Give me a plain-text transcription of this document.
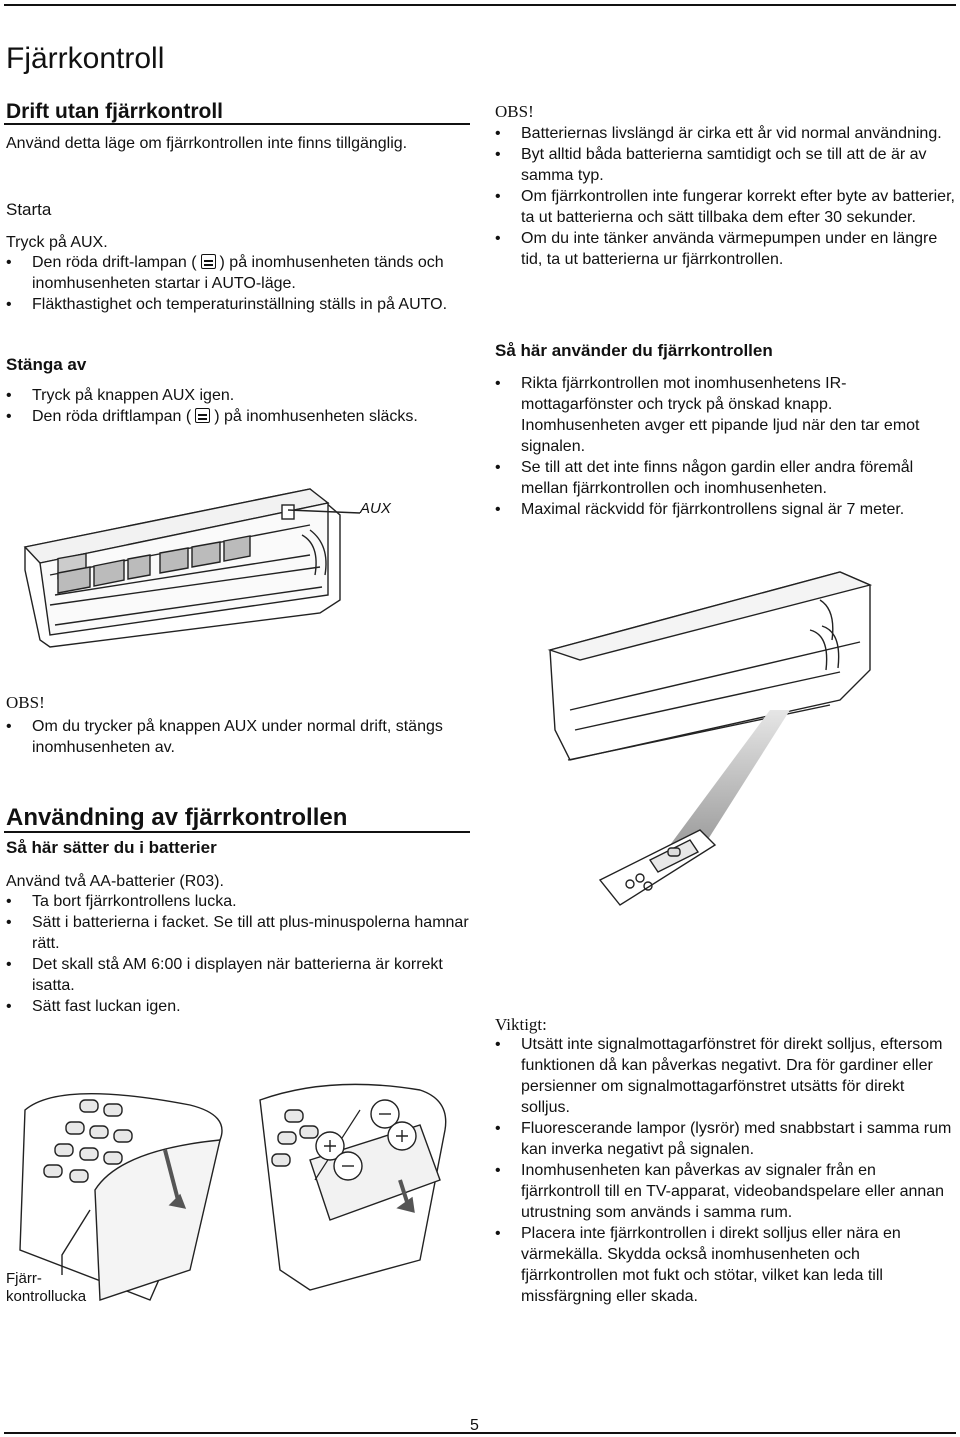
Fjärrkontroll
Drift utan fjärrkontroll
Använd detta läge om fjärrkontrollen inte finns tillgänglig.
Starta
Tryck på AUX.
• Den röda drift-lampan ( ) på inomhusenheten tänds och inomhusenheten startar i AUTO-läge.
• Fläkthastighet och temperaturinställning ställs in på AUTO.
Stänga av
• Tryck på knappen AUX igen.
• Den röda driftlampan ( ) på inomhusenheten släcks.
AUX
OBS!
• Om du trycker på knappen AUX under normal drift, stängs inomhusenheten av.
Användning av fjärrkontrollen
Så här sätter du i batterier
Använd två AA-batterier (R03).
• Ta bort fjärrkontrollens lucka.
• Sätt i batterierna i facket. Se till att plus-minuspolerna hamnar rätt.
• Det skall stå AM 6:00 i displayen när batterierna är korrekt isatta.
• Sätt fast luckan igen.
Fjärr-
kontrollucka
OBS!
• Batteriernas livslängd är cirka ett år vid normal användning.
• Byt alltid båda batterierna samtidigt och se till att de är av samma typ.
• Om fjärrkontrollen inte fungerar korrekt efter byte av batterier, ta ut batterierna och sätt tillbaka dem efter 30 sekunder.
• Om du inte tänker använda värmepumpen under en längre tid, ta ut batterierna ur fjärrkontrollen.
Så här använder du fjärrkontrollen
• Rikta fjärrkontrollen mot inomhusenhetens IR-mottagarfönster och tryck på önskad knapp. Inomhusenheten avger ett pipande ljud när den tar emot signalen.
• Se till att det inte finns någon gardin eller andra föremål mellan fjärrkontrollen och inomhusenheten.
• Maximal räckvidd för fjärrkontrollens signal är 7 meter.
Viktigt:
• Utsätt inte signalmottagarfönstret för direkt solljus, eftersom funktionen då kan påverkas negativt. Dra för gardiner eller persienner om signalmottagarfönstret utsätts för direkt solljus.
• Fluorescerande lampor (lysrör) med snabbstart i samma rum kan inverka negativt på signalen.
• Inomhusenheten kan påverkas av signaler från en fjärrkontroll till en TV-apparat, videobandspelare eller annan utrustning som används i samma rum.
• Placera inte fjärrkontrollen i direkt solljus eller nära en värmekälla. Skydda också inomhusenheten och fjärrkontrollen mot fukt och stötar, vilket kan leda till missfärgning eller skada.
5
